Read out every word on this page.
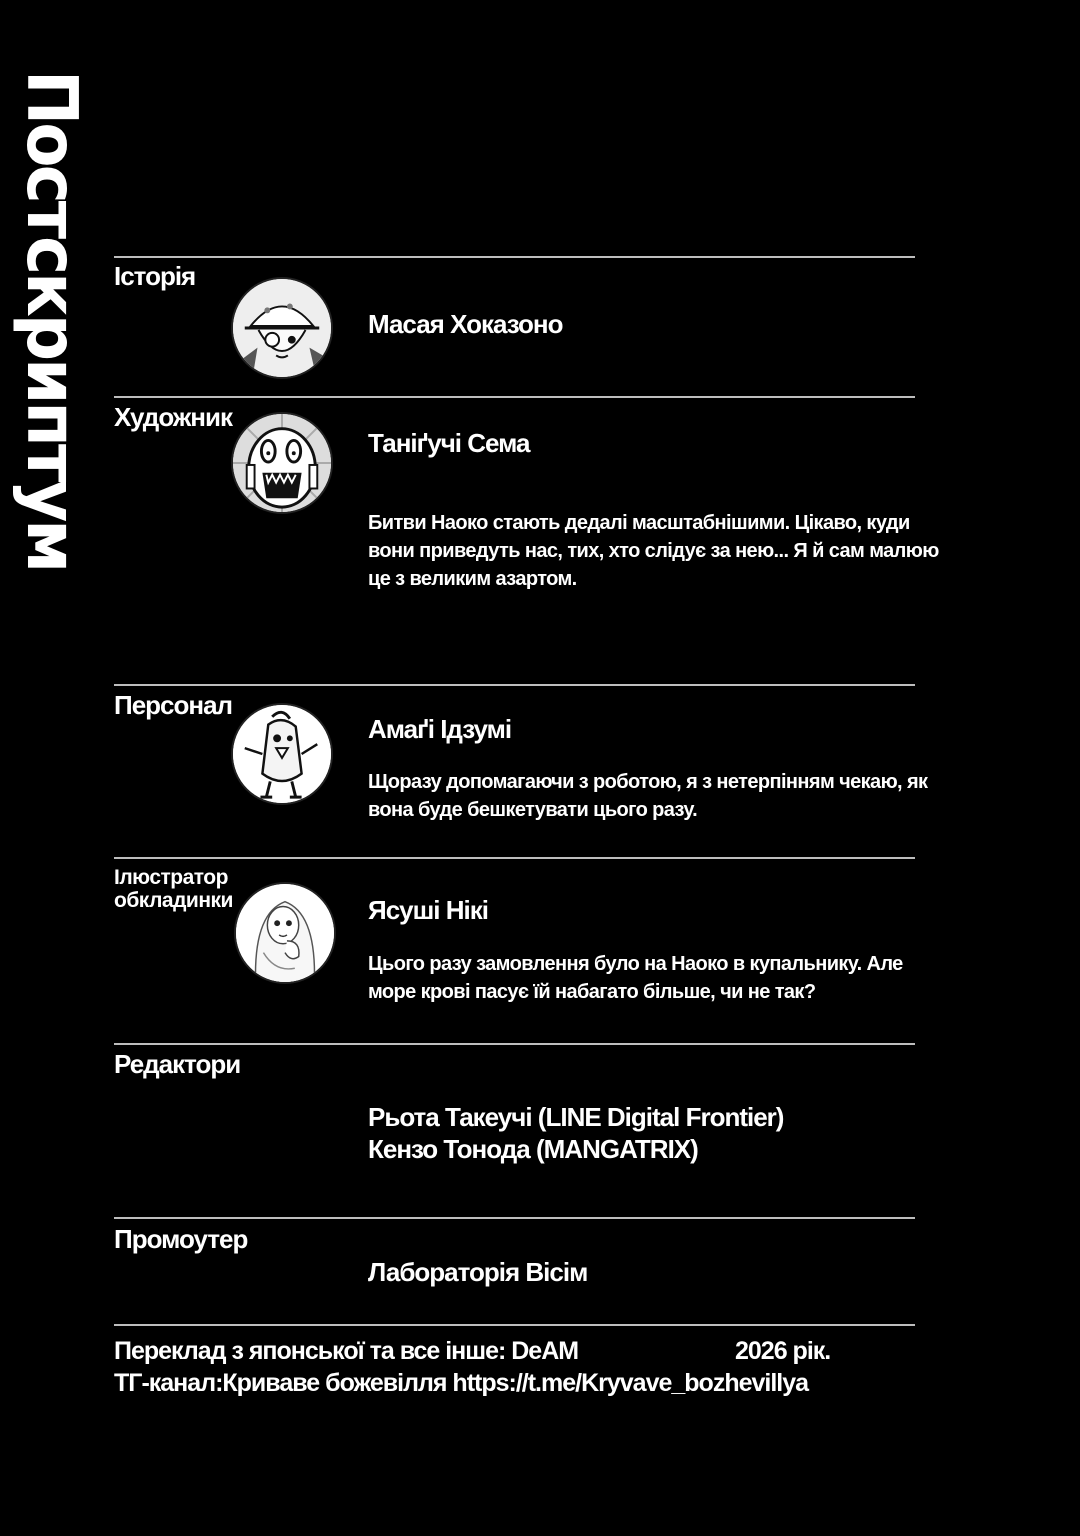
Постскриптум Історія
Масая Хоказоно
Художник
Таніґучі Сема
Битви Наоко стають дедалі масштабнішими. Цікаво, куди вони приведуть нас, тих, хто слідує за нею... Я й сам малюю це з великим азартом.
Персонал
Амаґі Ідзумі
Щоразу допомагаючи з роботою, я з нетерпінням чекаю, як вона буде бешкетувати цього разу.
Ілюстратор
обкладинки	Ясуші Нікі
Цього разу замовлення було на Наоко в купальнику. Але море крові пасує їй набагато більше, чи не так?
Редактори
Рьота Такеучі (LINE Digital Frontier)
Кензо Тонода (MANGATRIX)
Промоутер
Лабораторія Вісім
Переклад з японської та все інше: DeAM	2026 рік.
ТГ-канал:Криваве божевілля https://t.me/Kryvave_bozhevillya
